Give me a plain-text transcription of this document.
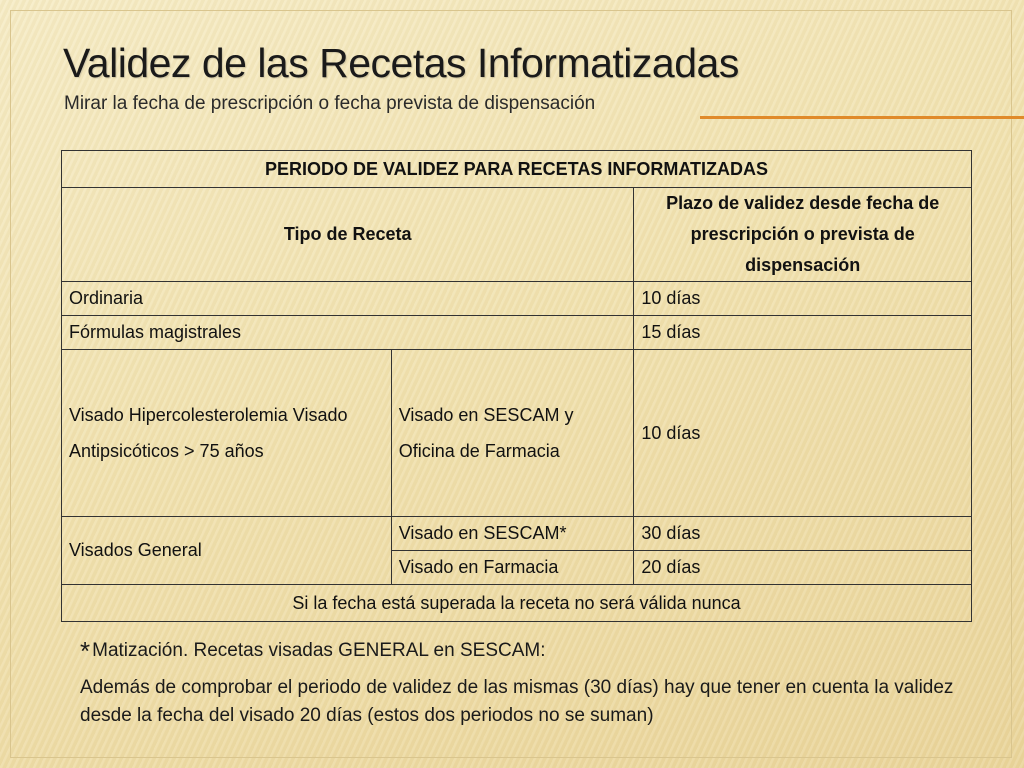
Validez de las Recetas Informatizadas

Mirar la fecha de prescripción o fecha prevista de dispensación

PERIODO DE VALIDEZ PARA RECETAS INFORMATIZADAS		
Tipo de Receta		Plazo de validez desde fecha de prescripción o prevista de dispensación
Ordinaria		10 días
Fórmulas magistrales		15 días
Visado Hipercolesterolemia Visado Antipsicóticos > 75 años	Visado en SESCAM y Oficina de Farmacia	10 días
Visados General	Visado en SESCAM*	30 días
	Visado en Farmacia	20 días
Si la fecha está superada la receta no será válida nunca		

* Matización. Recetas visadas GENERAL en SESCAM:

Además de comprobar el periodo de validez de las mismas (30 días) hay que tener en cuenta la validez desde la fecha del visado 20 días (estos dos periodos no se suman)
